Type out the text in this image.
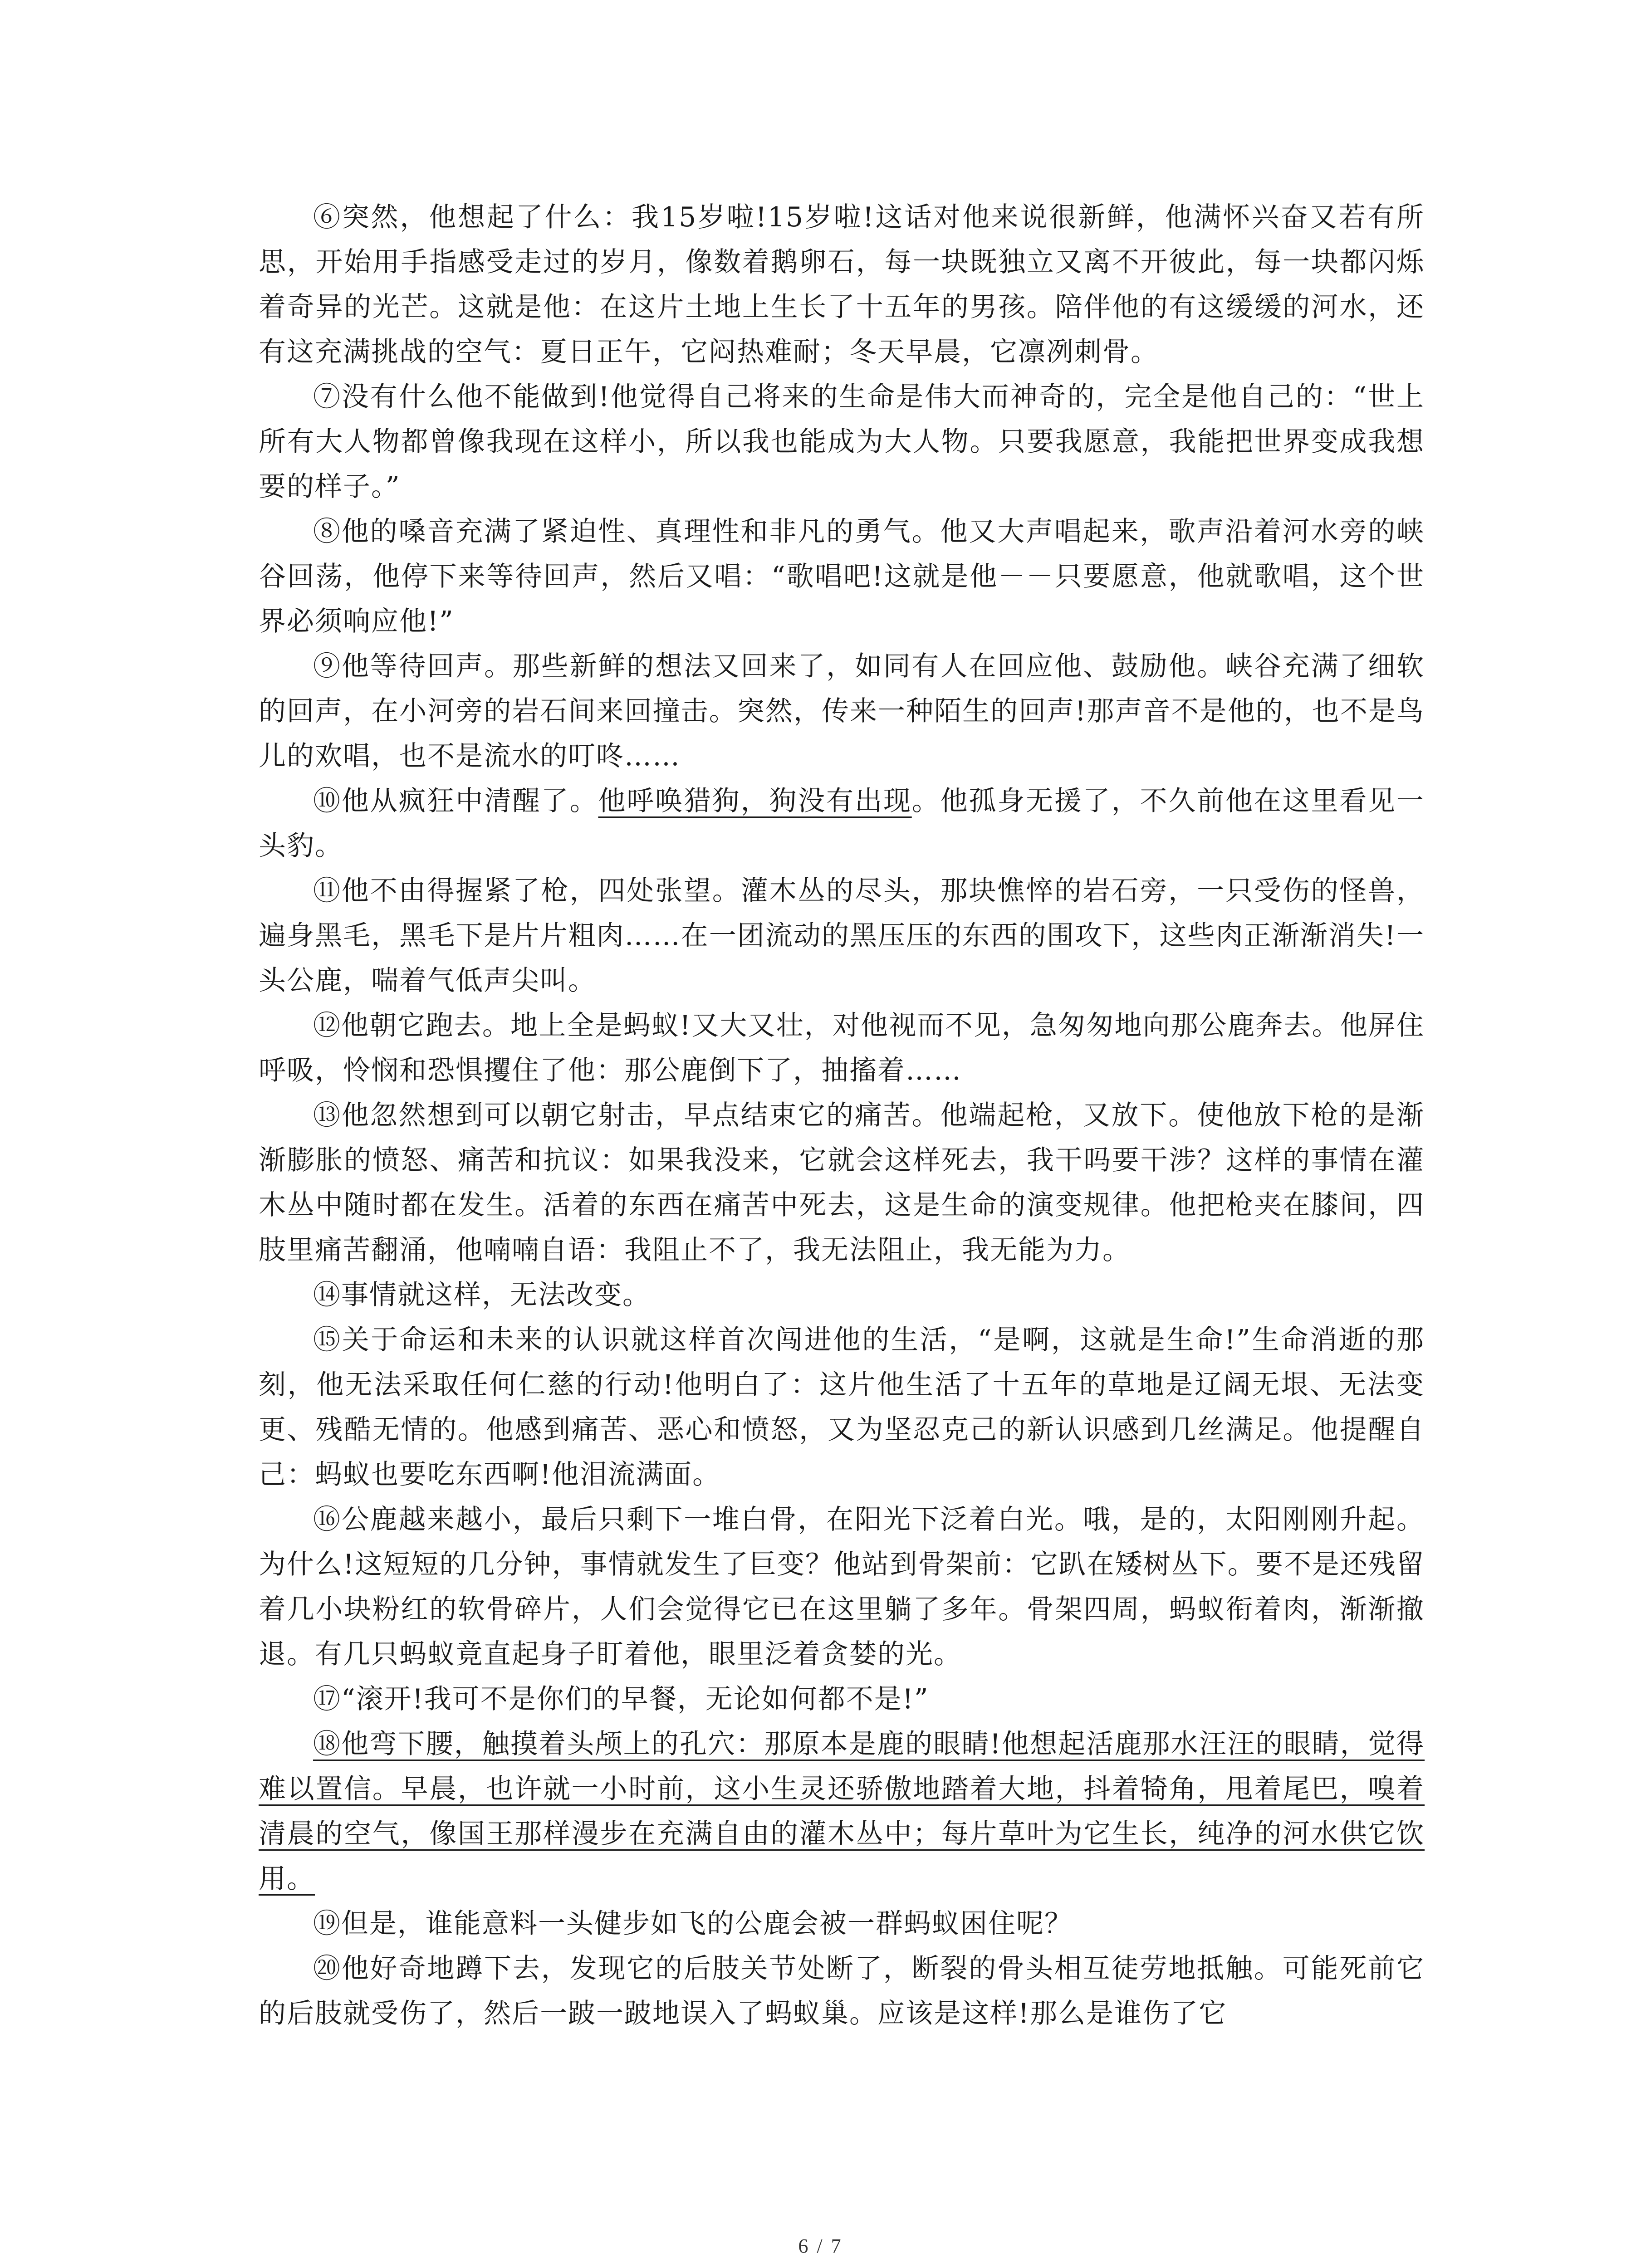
⑥突然，他想起了什么：我15岁啦!15岁啦!这话对他来说很新鲜，他满怀兴奋又若有所思，开始用手指感受走过的岁月，像数着鹅卵石，每一块既独立又离不开彼此，每一块都闪烁着奇异的光芒。这就是他：在这片土地上生长了十五年的男孩。陪伴他的有这缓缓的河水，还有这充满挑战的空气：夏日正午，它闷热难耐；冬天早晨，它凛冽刺骨。

⑦没有什么他不能做到!他觉得自己将来的生命是伟大而神奇的，完全是他自己的：“世上所有大人物都曾像我现在这样小，所以我也能成为大人物。只要我愿意，我能把世界变成我想要的样子。”

⑧他的嗓音充满了紧迫性、真理性和非凡的勇气。他又大声唱起来，歌声沿着河水旁的峡谷回荡，他停下来等待回声，然后又唱：“歌唱吧!这就是他－－只要愿意，他就歌唱，这个世界必须响应他!”

⑨他等待回声。那些新鲜的想法又回来了，如同有人在回应他、鼓励他。峡谷充满了细软的回声，在小河旁的岩石间来回撞击。突然，传来一种陌生的回声!那声音不是他的，也不是鸟儿的欢唱，也不是流水的叮咚……

⑩他从疯狂中清醒了。他呼唤猎狗，狗没有出现。他孤身无援了，不久前他在这里看见一头豹。

⑪他不由得握紧了枪，四处张望。灌木丛的尽头，那块憔悴的岩石旁，一只受伤的怪兽，遍身黑毛，黑毛下是片片粗肉……在一团流动的黑压压的东西的围攻下，这些肉正渐渐消失!一头公鹿，喘着气低声尖叫。

⑫他朝它跑去。地上全是蚂蚁!又大又壮，对他视而不见，急匆匆地向那公鹿奔去。他屏住呼吸，怜悯和恐惧攫住了他：那公鹿倒下了，抽搐着……

⑬他忽然想到可以朝它射击，早点结束它的痛苦。他端起枪，又放下。使他放下枪的是渐渐膨胀的愤怒、痛苦和抗议：如果我没来，它就会这样死去，我干吗要干涉？这样的事情在灌木丛中随时都在发生。活着的东西在痛苦中死去，这是生命的演变规律。他把枪夹在膝间，四肢里痛苦翻涌，他喃喃自语：我阻止不了，我无法阻止，我无能为力。

⑭事情就这样，无法改变。

⑮关于命运和未来的认识就这样首次闯进他的生活，“是啊，这就是生命!”生命消逝的那刻，他无法采取任何仁慈的行动!他明白了：这片他生活了十五年的草地是辽阔无垠、无法变更、残酷无情的。他感到痛苦、恶心和愤怒，又为坚忍克己的新认识感到几丝满足。他提醒自己：蚂蚁也要吃东西啊!他泪流满面。

⑯公鹿越来越小，最后只剩下一堆白骨，在阳光下泛着白光。哦，是的，太阳刚刚升起。为什么!这短短的几分钟，事情就发生了巨变？他站到骨架前：它趴在矮树丛下。要不是还残留着几小块粉红的软骨碎片，人们会觉得它已在这里躺了多年。骨架四周，蚂蚁衔着肉，渐渐撤退。有几只蚂蚁竟直起身子盯着他，眼里泛着贪婪的光。

⑰“滚开!我可不是你们的早餐，无论如何都不是!”

⑱他弯下腰，触摸着头颅上的孔穴：那原本是鹿的眼睛!他想起活鹿那水汪汪的眼睛，觉得难以置信。早晨，也许就一小时前，这小生灵还骄傲地踏着大地，抖着犄角，甩着尾巴，嗅着清晨的空气，像国王那样漫步在充满自由的灌木丛中；每片草叶为它生长，纯净的河水供它饮用。

⑲但是，谁能意料一头健步如飞的公鹿会被一群蚂蚁困住呢？

⑳他好奇地蹲下去，发现它的后肢关节处断了，断裂的骨头相互徒劳地抵触。可能死前它的后肢就受伤了，然后一跛一跛地误入了蚂蚁巢。应该是这样!那么是谁伤了它

6 / 7
